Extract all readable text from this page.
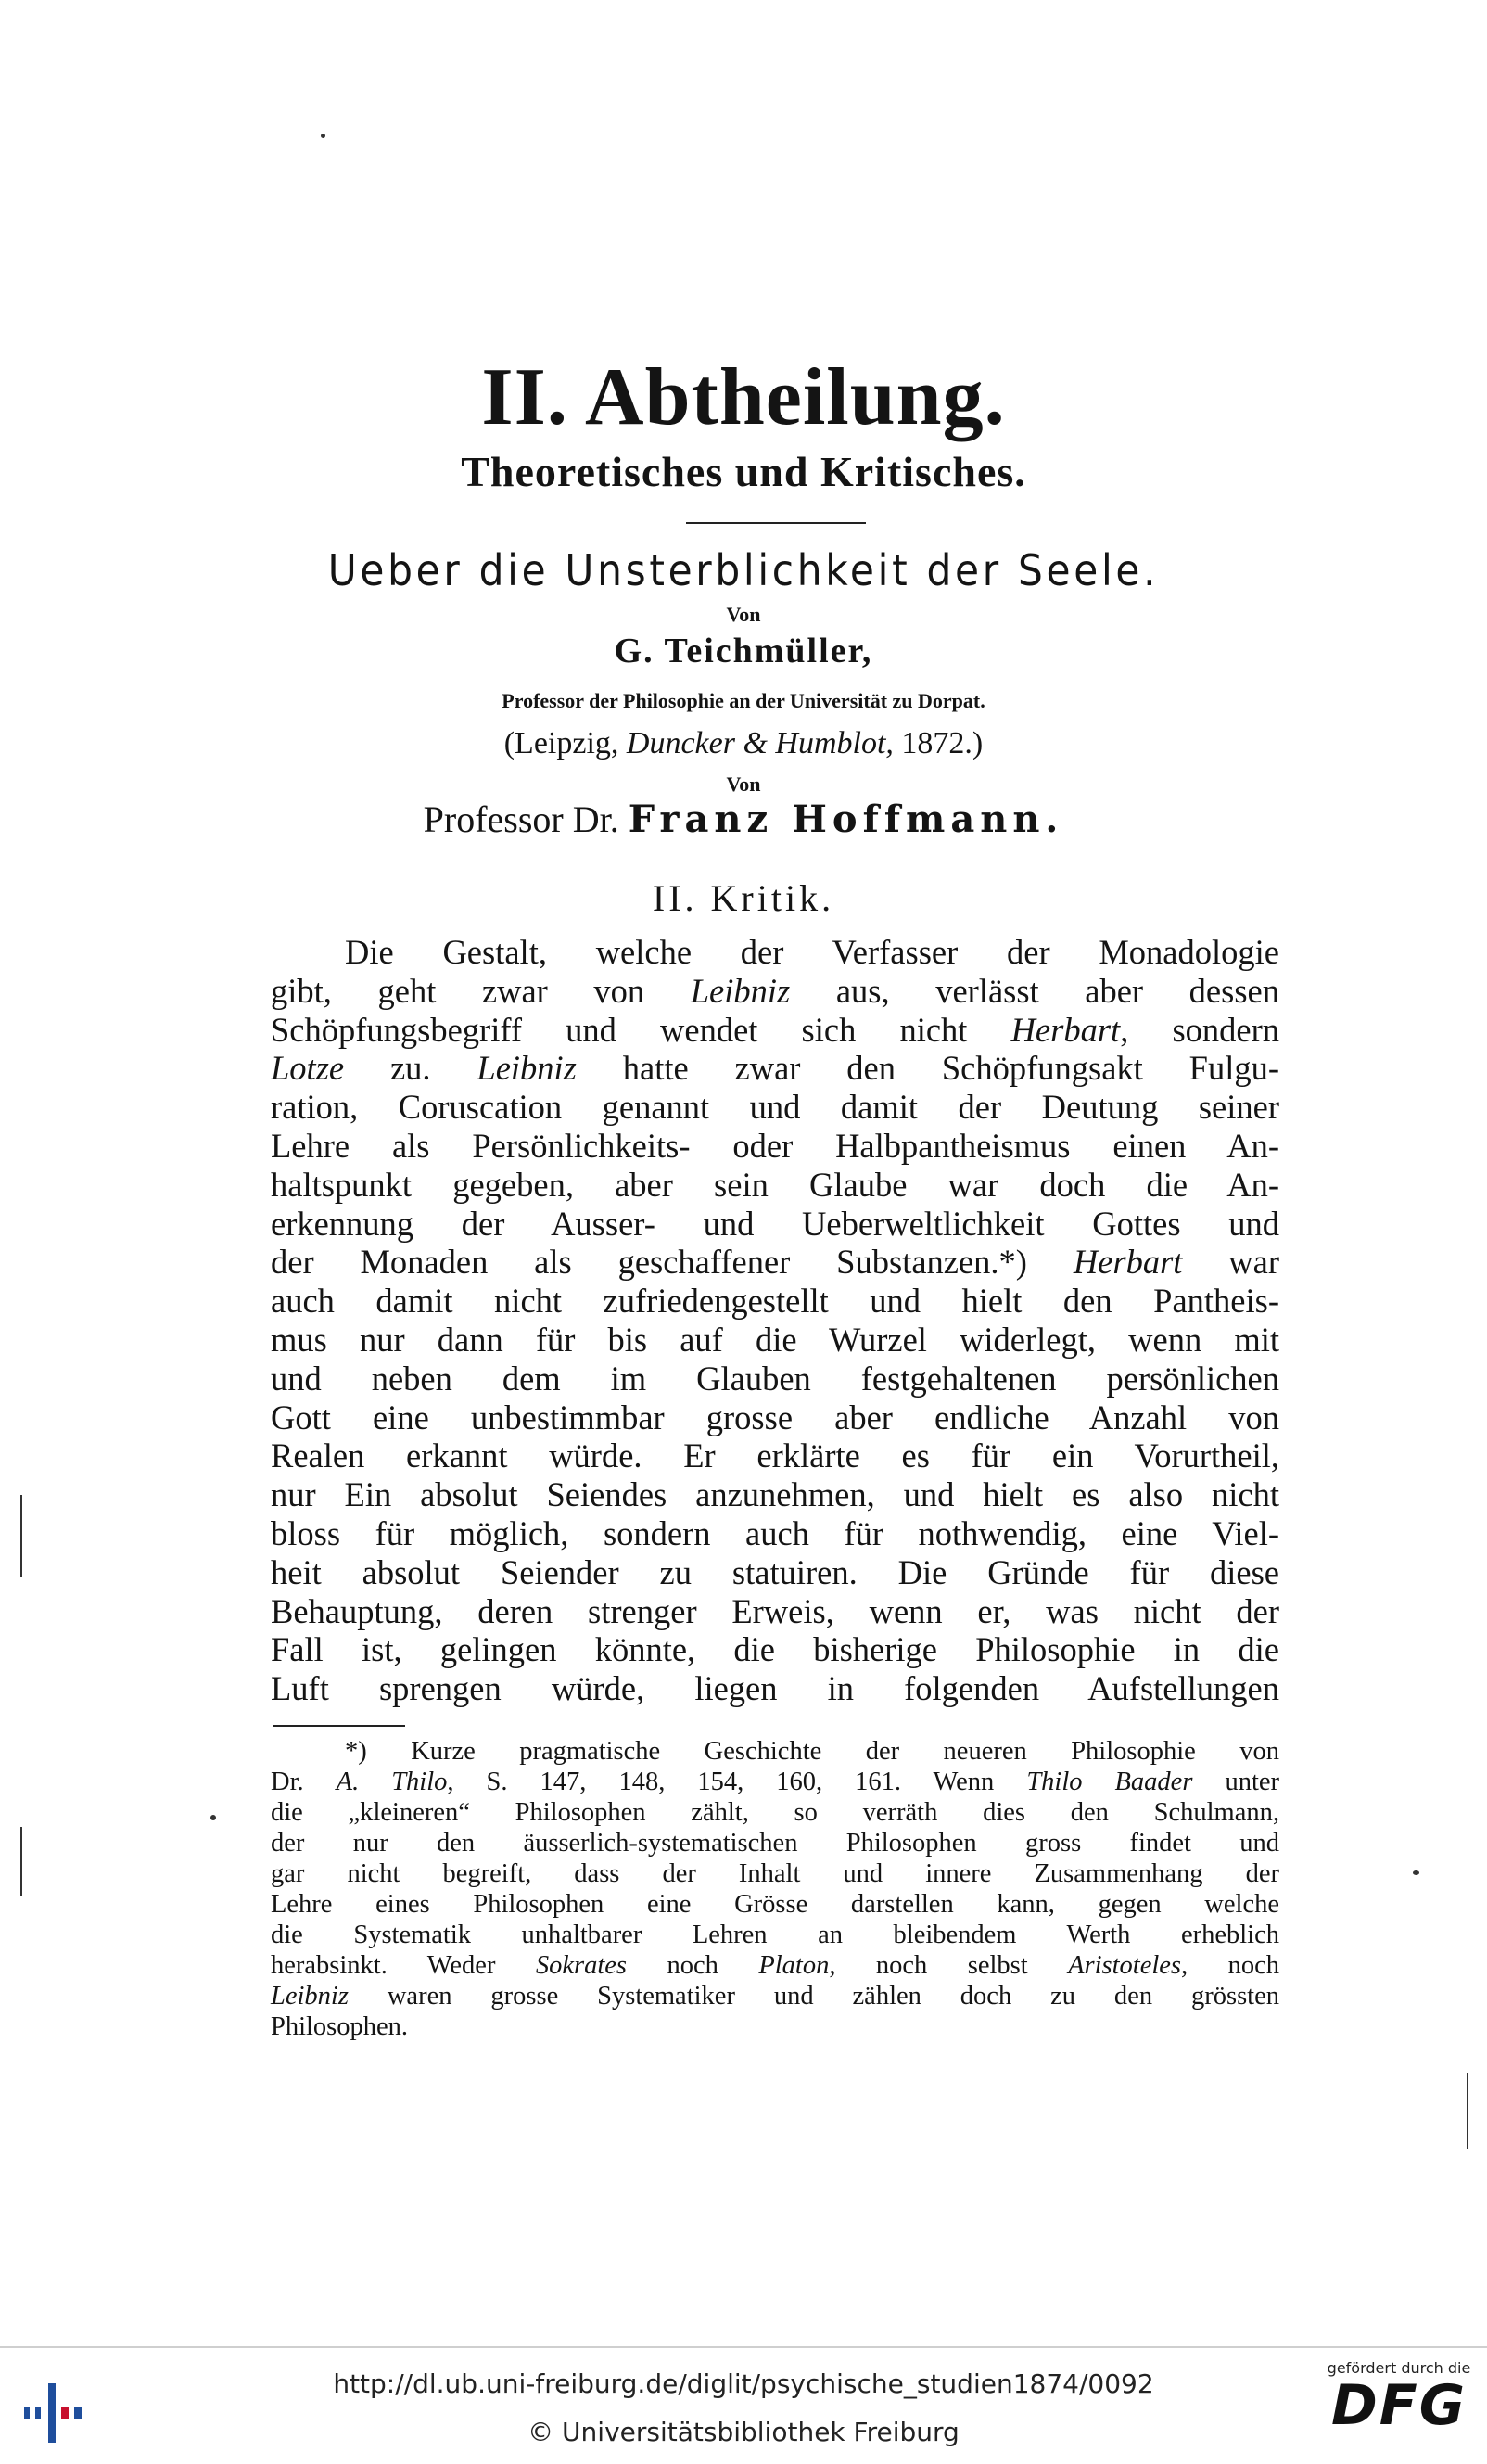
II. Abtheilung.
Theoretisches und Kritisches.
Ueber die Unsterblichkeit der Seele.
Von
G. Teichmüller,
Professor der Philosophie an der Universität zu Dorpat.
(Leipzig, Duncker & Humblot, 1872.)
Von
Professor Dr. Franz Hoffmann.
II. Kritik.
Die Gestalt, welche der Verfasser der Monadologie
gibt, geht zwar von Leibniz aus, verlässt aber dessen
Schöpfungsbegriff und wendet sich nicht Herbart, sondern
Lotze zu. Leibniz hatte zwar den Schöpfungsakt Fulgu-
ration, Coruscation genannt und damit der Deutung seiner
Lehre als Persönlichkeits- oder Halbpantheismus einen An-
haltspunkt gegeben, aber sein Glaube war doch die An-
erkennung der Ausser- und Ueberweltlichkeit Gottes und
der Monaden als geschaffener Substanzen.*) Herbart war
auch damit nicht zufriedengestellt und hielt den Pantheis-
mus nur dann für bis auf die Wurzel widerlegt, wenn mit
und neben dem im Glauben festgehaltenen persönlichen
Gott eine unbestimmbar grosse aber endliche Anzahl von
Realen erkannt würde. Er erklärte es für ein Vorurtheil,
nur Ein absolut Seiendes anzunehmen, und hielt es also nicht
bloss für möglich, sondern auch für nothwendig, eine Viel-
heit absolut Seiender zu statuiren. Die Gründe für diese
Behauptung, deren strenger Erweis, wenn er, was nicht der
Fall ist, gelingen könnte, die bisherige Philosophie in die
Luft sprengen würde, liegen in folgenden Aufstellungen
*) Kurze pragmatische Geschichte der neueren Philosophie von
Dr. A. Thilo, S. 147, 148, 154, 160, 161. Wenn Thilo Baader unter
die „kleineren“ Philosophen zählt, so verräth dies den Schulmann,
der nur den äusserlich-systematischen Philosophen gross findet und
gar nicht begreift, dass der Inhalt und innere Zusammenhang der
Lehre eines Philosophen eine Grösse darstellen kann, gegen welche
die Systematik unhaltbarer Lehren an bleibendem Werth erheblich
herabsinkt. Weder Sokrates noch Platon, noch selbst Aristoteles, noch
Leibniz waren grosse Systematiker und zählen doch zu den grössten
Philosophen.
http://dl.ub.uni-freiburg.de/diglit/psychische_studien1874/0092
© Universitätsbibliothek Freiburg
gefördert durch die
DFG
